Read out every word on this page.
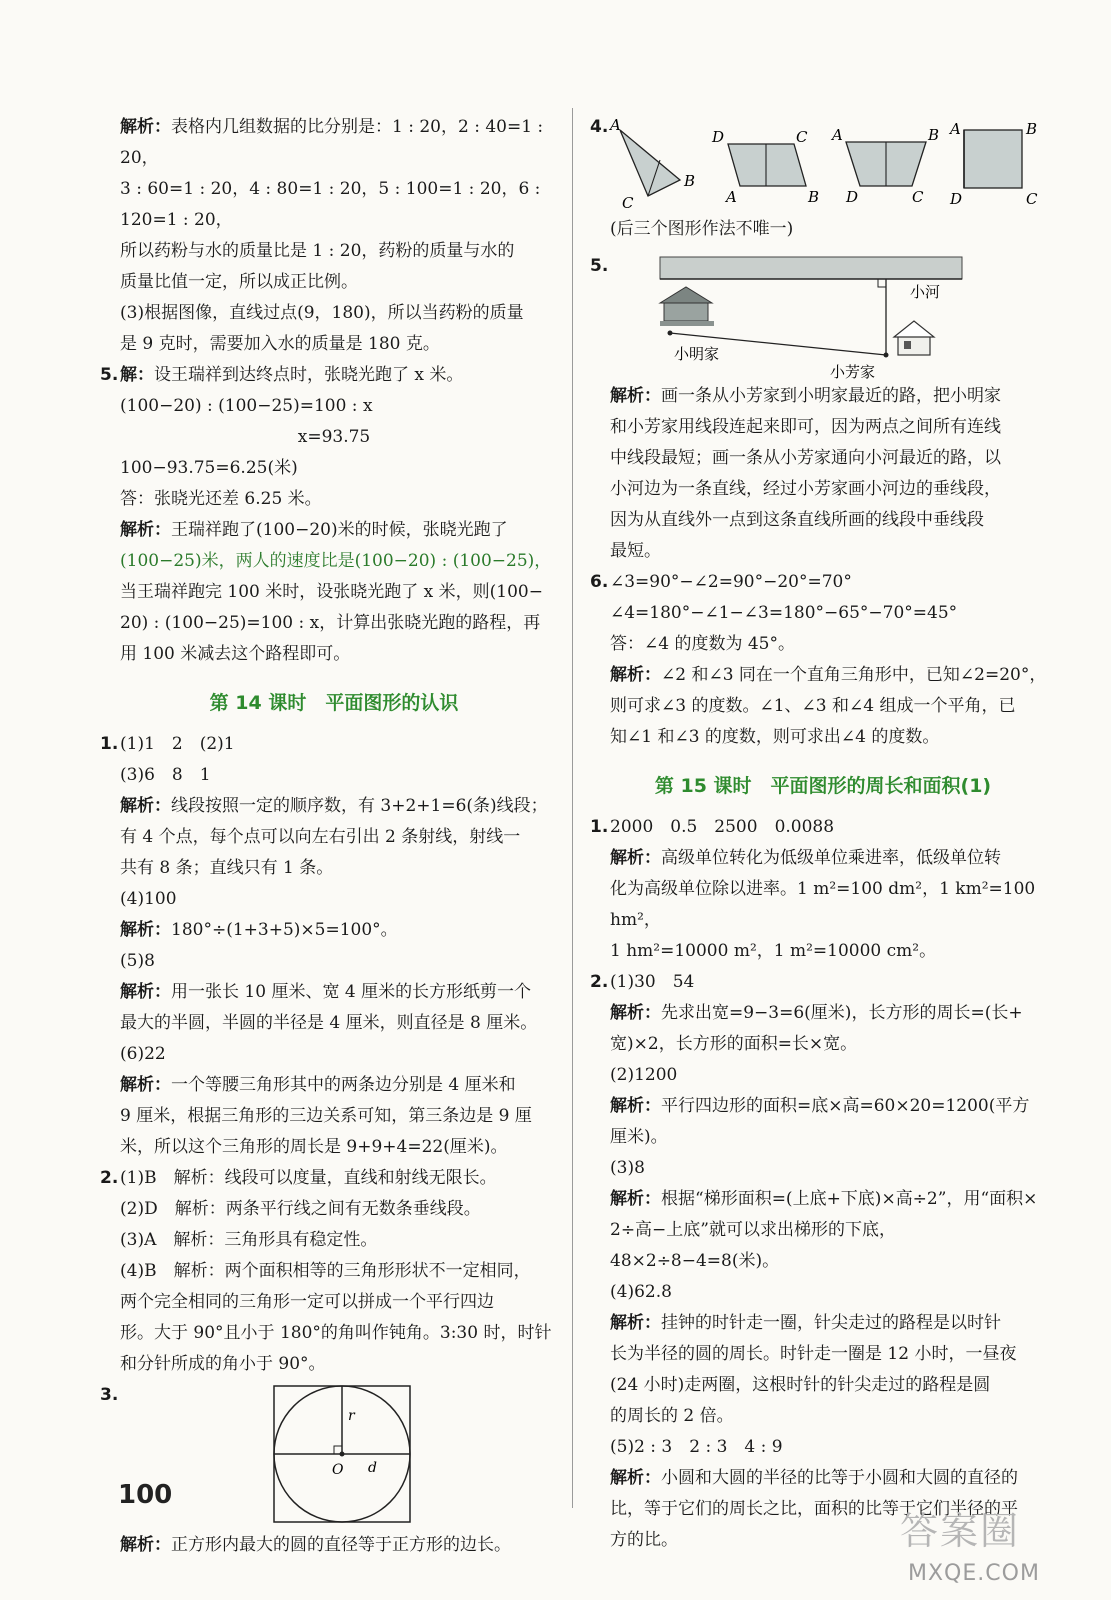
解析：表格内几组数据的比分别是：1 : 20，2 : 40=1 : 20，

3 : 60=1 : 20，4 : 80=1 : 20，5 : 100=1 : 20，6 : 120=1 : 20，

所以药粉与水的质量比是 1 : 20，药粉的质量与水的

质量比值一定，所以成正比例。

(3)根据图像，直线过点(9，180)，所以当药粉的质量

是 9 克时，需要加入水的质量是 180 克。

5. 解：设王瑞祥到达终点时，张晓光跑了 x 米。

(100−20) : (100−25)=100 : x

x=93.75

100−93.75=6.25(米)

答：张晓光还差 6.25 米。

解析：王瑞祥跑了(100−20)米的时候，张晓光跑了

(100−25)米，两人的速度比是(100−20) : (100−25)，

当王瑞祥跑完 100 米时，设张晓光跑了 x 米，则(100−

20) : (100−25)=100 : x，计算出张晓光跑的路程，再

用 100 米减去这个路程即可。

第 14 课时　平面图形的认识

1. (1)1　2　(2)1

(3)6　8　1

解析：线段按照一定的顺序数，有 3+2+1=6(条)线段；

有 4 个点，每个点可以向左右引出 2 条射线，射线一

共有 8 条；直线只有 1 条。

(4)100

解析：180°÷(1+3+5)×5=100°。

(5)8

解析：用一张长 10 厘米、宽 4 厘米的长方形纸剪一个

最大的半圆，半圆的半径是 4 厘米，则直径是 8 厘米。

(6)22

解析：一个等腰三角形其中的两条边分别是 4 厘米和

9 厘米，根据三角形的三边关系可知，第三条边是 9 厘

米，所以这个三角形的周长是 9+9+4=22(厘米)。

2. (1)B　解析：线段可以度量，直线和射线无限长。

(2)D　解析：两条平行线之间有无数条垂线段。

(3)A　解析：三角形具有稳定性。

(4)B　解析：两个面积相等的三角形形状不一定相同，

两个完全相同的三角形一定可以拼成一个平行四边

形。大于 90°且小于 180°的角叫作钝角。3:30 时，时针

和分针所成的角小于 90°。

3.
r
O d

解析：正方形内最大的圆的直径等于正方形的边长。

4. A
B
C
D	C
A	B
A	B
D	C
A	B
D	C

(后三个图形作法不唯一)

5.
小河
小明家
小芳家

解析：画一条从小芳家到小明家最近的路，把小明家

和小芳家用线段连起来即可，因为两点之间所有连线

中线段最短；画一条从小芳家通向小河最近的路，以

小河边为一条直线，经过小芳家画小河边的垂线段，

因为从直线外一点到这条直线所画的线段中垂线段

最短。

6. ∠3=90°−∠2=90°−20°=70°

∠4=180°−∠1−∠3=180°−65°−70°=45°

答：∠4 的度数为 45°。

解析：∠2 和∠3 同在一个直角三角形中，已知∠2=20°，

则可求∠3 的度数。∠1、∠3 和∠4 组成一个平角，已

知∠1 和∠3 的度数，则可求出∠4 的度数。

第 15 课时　平面图形的周长和面积(1)

1. 2000　0.5　2500　0.0088

解析：高级单位转化为低级单位乘进率，低级单位转

化为高级单位除以进率。1 m²=100 dm²，1 km²=100 hm²，

1 hm²=10000 m²，1 m²=10000 cm²。

2. (1)30　54

解析：先求出宽=9−3=6(厘米)，长方形的周长=(长+

宽)×2，长方形的面积=长×宽。

(2)1200

解析：平行四边形的面积=底×高=60×20=1200(平方

厘米)。

(3)8

解析：根据“梯形面积=(上底+下底)×高÷2”，用“面积×

2÷高−上底”就可以求出梯形的下底，48×2÷8−4=8(米)。

(4)62.8

解析：挂钟的时针走一圈，针尖走过的路程是以时针

长为半径的圆的周长。时针走一圈是 12 小时，一昼夜

(24 小时)走两圈，这根时针的针尖走过的路程是圆

的周长的 2 倍。

(5)2 : 3　2 : 3　4 : 9

解析：小圆和大圆的半径的比等于小圆和大圆的直径的

比，等于它们的周长之比，面积的比等于它们半径的平

方的比。

100
答案圈
MXQE.COM
